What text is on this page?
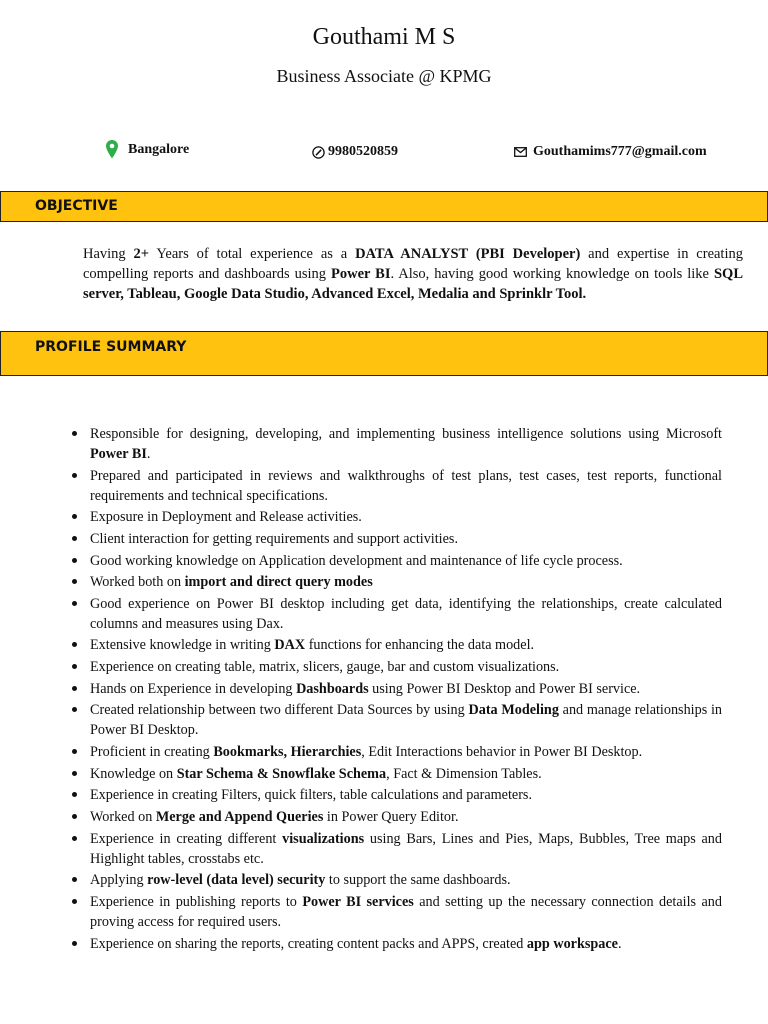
Gouthami M S
Business Associate @ KPMG
Bangalore	9980520859	Gouthamims777@gmail.com
OBJECTIVE
Having 2+ Years of total experience as a DATA ANALYST (PBI Developer) and expertise in creating compelling reports and dashboards using Power BI. Also, having good working knowledge on tools like SQL server, Tableau, Google Data Studio, Advanced Excel, Medalia and Sprinklr Tool.
PROFILE SUMMARY
Responsible for designing, developing, and implementing business intelligence solutions using Microsoft Power BI.
Prepared and participated in reviews and walkthroughs of test plans, test cases, test reports, functional requirements and technical specifications.
Exposure in Deployment and Release activities.
Client interaction for getting requirements and support activities.
Good working knowledge on Application development and maintenance of life cycle process.
Worked both on import and direct query modes
Good experience on Power BI desktop including get data, identifying the relationships, create calculated columns and measures using Dax.
Extensive knowledge in writing DAX functions for enhancing the data model.
Experience on creating table, matrix, slicers, gauge, bar and custom visualizations.
Hands on Experience in developing Dashboards using Power BI Desktop and Power BI service.
Created relationship between two different Data Sources by using Data Modeling and manage relationships in Power BI Desktop.
Proficient in creating Bookmarks, Hierarchies, Edit Interactions behavior in Power BI Desktop.
Knowledge on Star Schema & Snowflake Schema, Fact & Dimension Tables.
Experience in creating Filters, quick filters, table calculations and parameters.
Worked on Merge and Append Queries in Power Query Editor.
Experience in creating different visualizations using Bars, Lines and Pies, Maps, Bubbles, Tree maps and Highlight tables, crosstabs etc.
Applying row-level (data level) security to support the same dashboards.
Experience in publishing reports to Power BI services and setting up the necessary connection details and proving access for required users.
Experience on sharing the reports, creating content packs and APPS, created app workspace.
